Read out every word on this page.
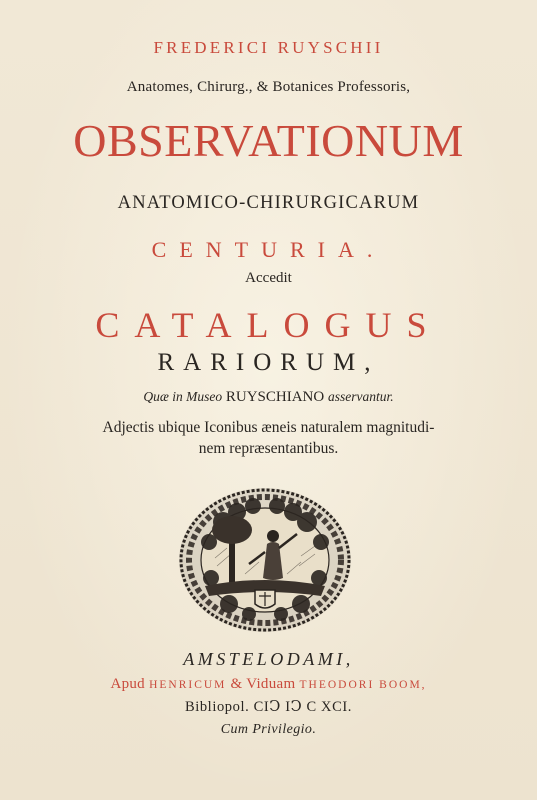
FREDERICI RUYSCHII
Anatomes, Chirurg., & Botanices Professoris,
OBSERVATIONUM
ANATOMICO-CHIRURGICARUM
CENTURIA.
Accedit
CATALOGUS
RARIORUM,
Quæ in Museo RUYSCHIANO asservantur.
Adjectis ubique Iconibus æneis naturalem magnitudi-
nem repræsentantibus.
AMSTELODAMI,
Apud HENRICUM & Viduam THEODORI BOOM,
Bibliopol. CIↃ IↃ C XCI.
Cum Privilegio.
